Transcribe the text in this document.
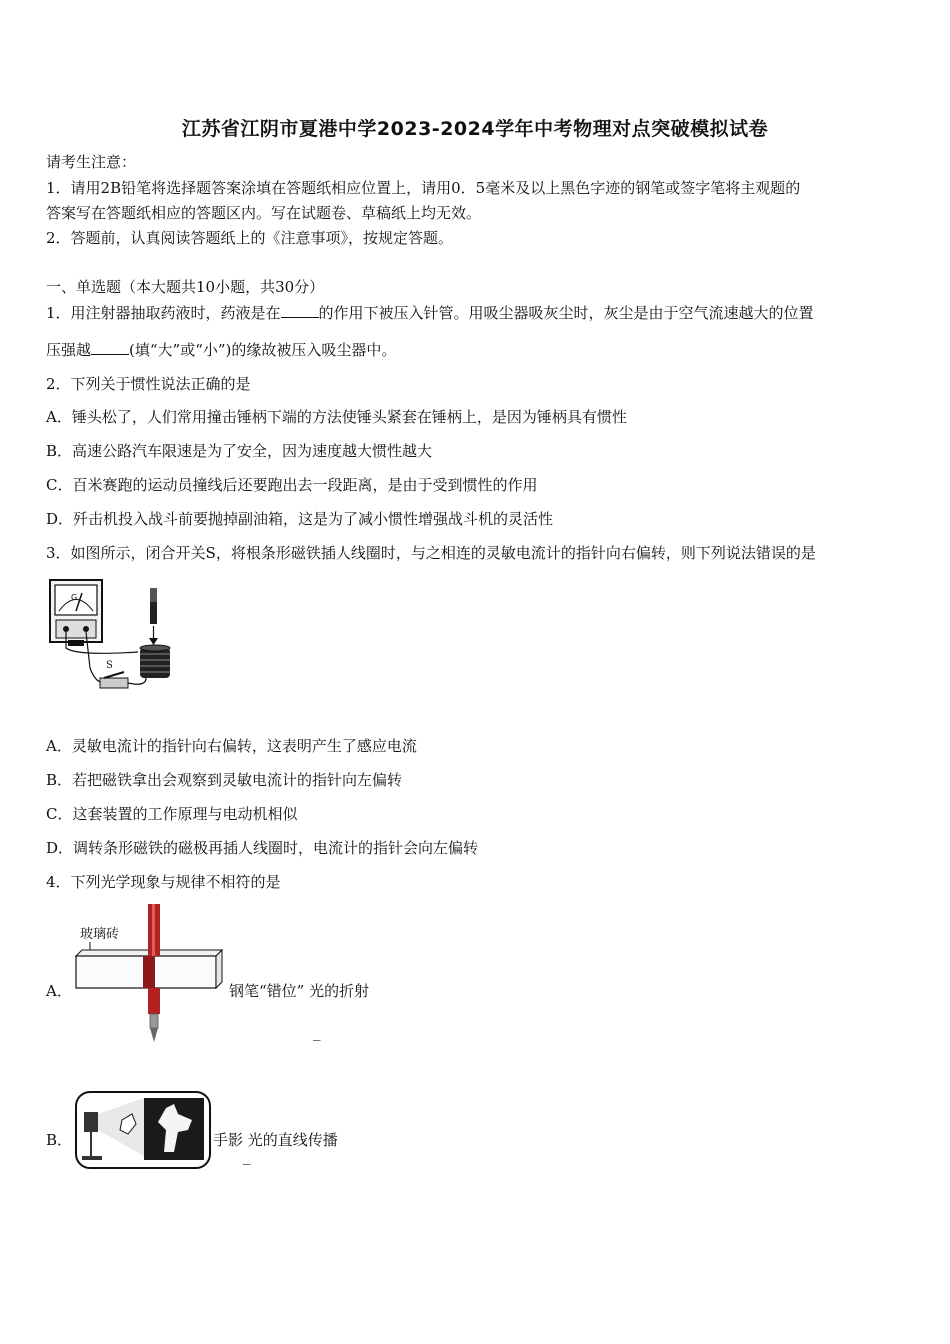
江苏省江阴市夏港中学2023-2024学年中考物理对点突破模拟试卷
请考生注意：
1．请用2B铅笔将选择题答案涂填在答题纸相应位置上，请用0．5毫米及以上黑色字迹的钢笔或签字笔将主观题的
答案写在答题纸相应的答题区内。写在试题卷、草稿纸上均无效。
2．答题前，认真阅读答题纸上的《注意事项》，按规定答题。
一、单选题（本大题共10小题，共30分）
1．用注射器抽取药液时，药液是在	的作用下被压入针管。用吸尘器吸灰尘时，灰尘是由于空气流速越大的位置
压强越	(填“大”或“小”)的缘故被压入吸尘器中。
2．下列关于惯性说法正确的是
A．锤头松了，人们常用撞击锤柄下端的方法使锤头紧套在锤柄上，是因为锤柄具有惯性
B．高速公路汽车限速是为了安全，因为速度越大惯性越大
C．百米赛跑的运动员撞线后还要跑出去一段距离，是由于受到惯性的作用
D．歼击机投入战斗前要抛掉副油箱，这是为了减小惯性增强战斗机的灵活性
3．如图所示，闭合开关S，将根条形磁铁插人线圈时，与之相连的灵敏电流计的指针向右偏转，则下列说法错误的是
G
S
A．灵敏电流计的指针向右偏转，这表明产生了感应电流
B．若把磁铁拿出会观察到灵敏电流计的指针向左偏转
C．这套装置的工作原理与电动机相似
D．调转条形磁铁的磁极再插人线圈时，电流计的指针会向左偏转
4．下列光学现象与规律不相符的是
A．
玻璃砖
钢笔“错位” 光的折射
_
B．	手影 光的直线传播
_
